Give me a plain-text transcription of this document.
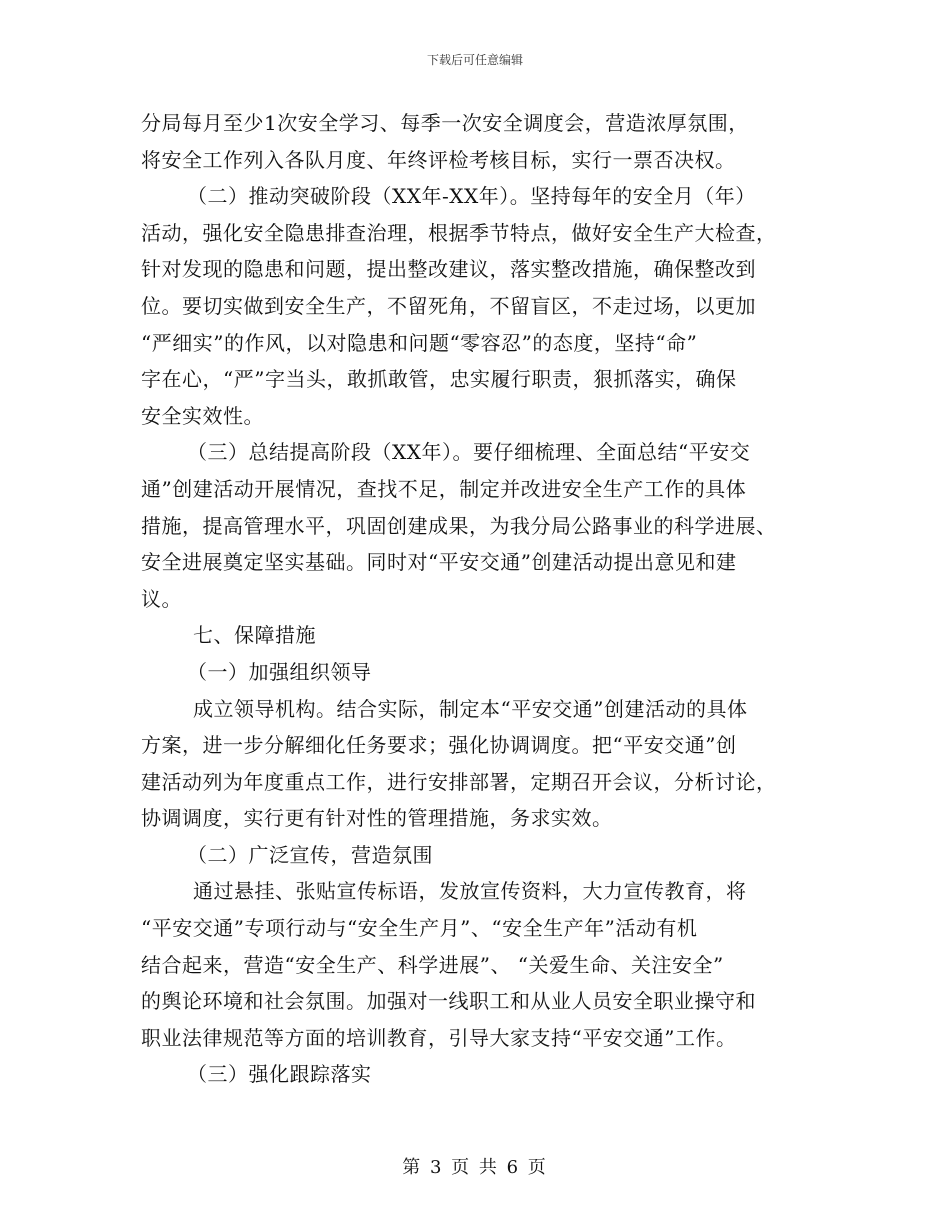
下载后可任意编辑
分局每月至少1次安全学习、每季一次安全调度会，营造浓厚氛围，
将安全工作列入各队月度、年终评检考核目标，实行一票否决权。
（二）推动突破阶段（XX年-XX年）。坚持每年的安全月（年）
活动，强化安全隐患排查治理，根据季节特点，做好安全生产大检查，
针对发现的隐患和问题，提出整改建议，落实整改措施，确保整改到
位。要切实做到安全生产，不留死角，不留盲区，不走过场，以更加
“严细实”的作风，以对隐患和问题“零容忍”的态度，坚持“命”
字在心，“严”字当头，敢抓敢管，忠实履行职责，狠抓落实，确保
安全实效性。
（三）总结提高阶段（XX年）。要仔细梳理、全面总结“平安交
通”创建活动开展情况，查找不足，制定并改进安全生产工作的具体
措施，提高管理水平，巩固创建成果，为我分局公路事业的科学进展、
安全进展奠定坚实基础。同时对“平安交通”创建活动提出意见和建
议。
七、保障措施
（一）加强组织领导
成立领导机构。结合实际，制定本“平安交通”创建活动的具体
方案，进一步分解细化任务要求；强化协调调度。把“平安交通”创
建活动列为年度重点工作，进行安排部署，定期召开会议，分析讨论，
协调调度，实行更有针对性的管理措施，务求实效。
（二）广泛宣传，营造氛围
通过悬挂、张贴宣传标语，发放宣传资料，大力宣传教育，将
“平安交通”专项行动与“安全生产月”、“安全生产年”活动有机
结合起来，营造“安全生产、科学进展”、 “关爱生命、关注安全”
的舆论环境和社会氛围。加强对一线职工和从业人员安全职业操守和
职业法律规范等方面的培训教育，引导大家支持“平安交通”工作。
（三）强化跟踪落实
第 3 页 共 6 页
